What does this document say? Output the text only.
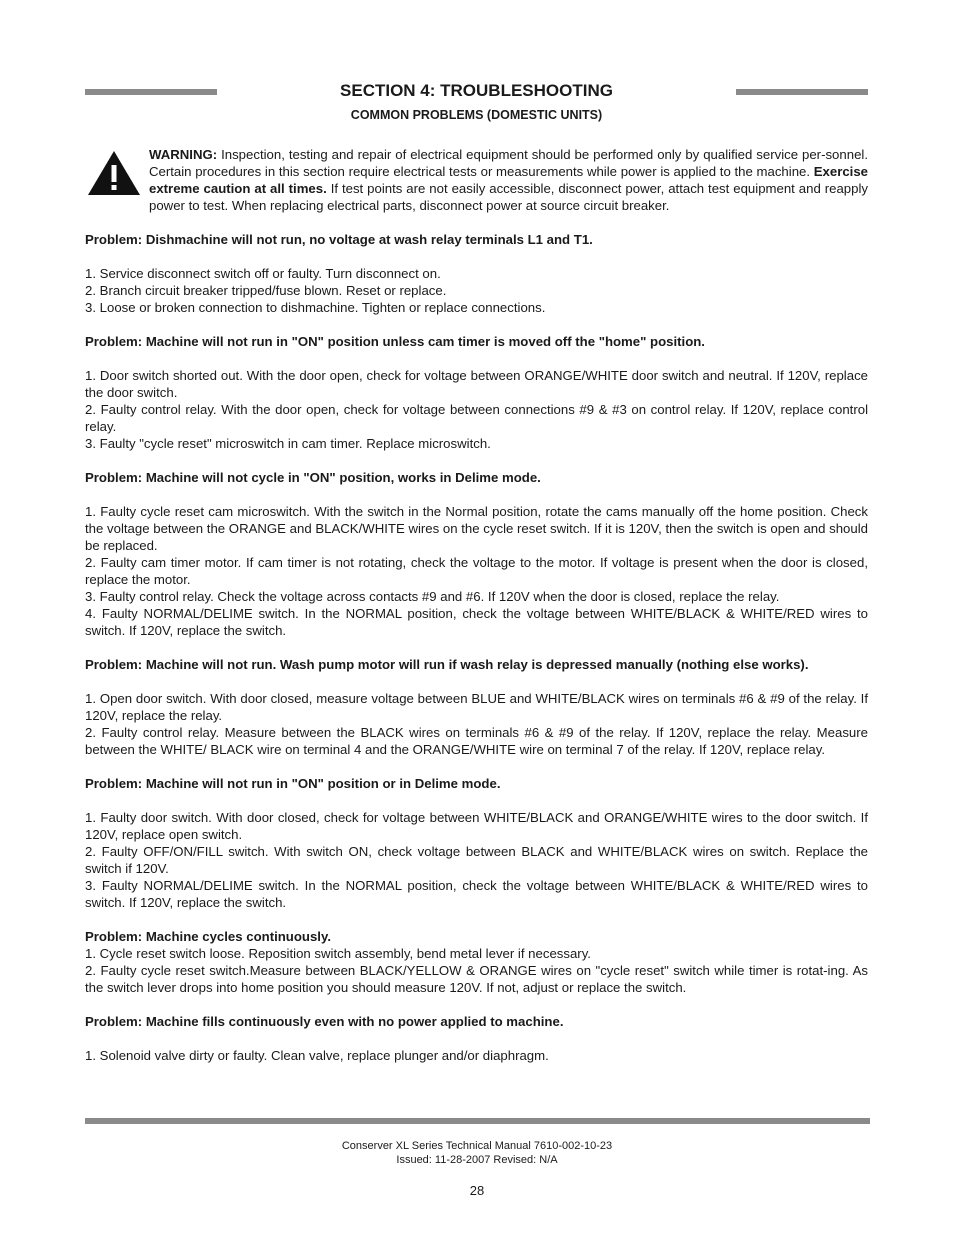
SECTION 4: TROUBLESHOOTING
COMMON PROBLEMS (DOMESTIC UNITS)

WARNING: Inspection, testing and repair of electrical equipment should be performed only by qualified service per-sonnel. Certain procedures in this section require electrical tests or measurements while power is applied to the machine. Exercise extreme caution at all times. If test points are not easily accessible, disconnect power, attach test equipment and reapply power to test. When replacing electrical parts, disconnect power at source circuit breaker.

Problem: Dishmachine will not run, no voltage at wash relay terminals L1 and T1.

1. Service disconnect switch off or faulty. Turn disconnect on.

2. Branch circuit breaker tripped/fuse blown. Reset or replace.

3. Loose or broken connection to dishmachine. Tighten or replace connections.

Problem: Machine will not run in "ON" position unless cam timer is moved off the "home" position.

1. Door switch shorted out. With the door open, check for voltage between ORANGE/WHITE door switch and neutral. If 120V, replace the door switch.

2. Faulty control relay. With the door open, check for voltage between connections #9 & #3 on control relay. If 120V, replace control relay.

3. Faulty "cycle reset" microswitch in cam timer. Replace microswitch.

Problem: Machine will not cycle in "ON" position, works in Delime mode.

1. Faulty cycle reset cam microswitch. With the switch in the Normal position, rotate the cams manually off the home position. Check the voltage between the ORANGE and BLACK/WHITE wires on the cycle reset switch. If it is 120V, then the switch is open and should be replaced.

2. Faulty cam timer motor. If cam timer is not rotating, check the voltage to the motor. If voltage is present when the door is closed, replace the motor.

3. Faulty control relay. Check the voltage across contacts #9 and #6. If 120V when the door is closed, replace the relay.

4. Faulty NORMAL/DELIME switch. In the NORMAL position, check the voltage between WHITE/BLACK & WHITE/RED wires to switch. If 120V, replace the switch.

Problem: Machine will not run. Wash pump motor will run if wash relay is depressed manually (nothing else works).

1. Open door switch. With door closed, measure voltage between BLUE and WHITE/BLACK wires on terminals #6 & #9 of the relay. If 120V, replace the relay.

2. Faulty control relay. Measure between the BLACK wires on terminals #6 & #9 of the relay. If 120V, replace the relay. Measure between the WHITE/ BLACK wire on terminal 4 and the ORANGE/WHITE wire on terminal 7 of the relay. If 120V, replace relay.

Problem: Machine will not run in "ON" position or in Delime mode.

1. Faulty door switch. With door closed, check for voltage between WHITE/BLACK and ORANGE/WHITE wires to the door switch. If 120V, replace open switch.

2. Faulty OFF/ON/FILL switch. With switch ON, check voltage between BLACK and WHITE/BLACK wires on switch. Replace the switch if 120V.

3. Faulty NORMAL/DELIME switch. In the NORMAL position, check the voltage between WHITE/BLACK & WHITE/RED wires to switch. If 120V, replace the switch.

Problem: Machine cycles continuously.

1. Cycle reset switch loose. Reposition switch assembly, bend metal lever if necessary.

2. Faulty cycle reset switch.Measure between BLACK/YELLOW & ORANGE wires on "cycle reset" switch while timer is rotat-ing. As the switch lever drops into home position you should measure 120V. If not, adjust or replace the switch.

Problem: Machine fills continuously even with no power applied to machine.

1. Solenoid valve dirty or faulty. Clean valve, replace plunger and/or diaphragm.

Conserver XL Series Technical Manual 7610-002-10-23
Issued: 11-28-2007 Revised: N/A
28
